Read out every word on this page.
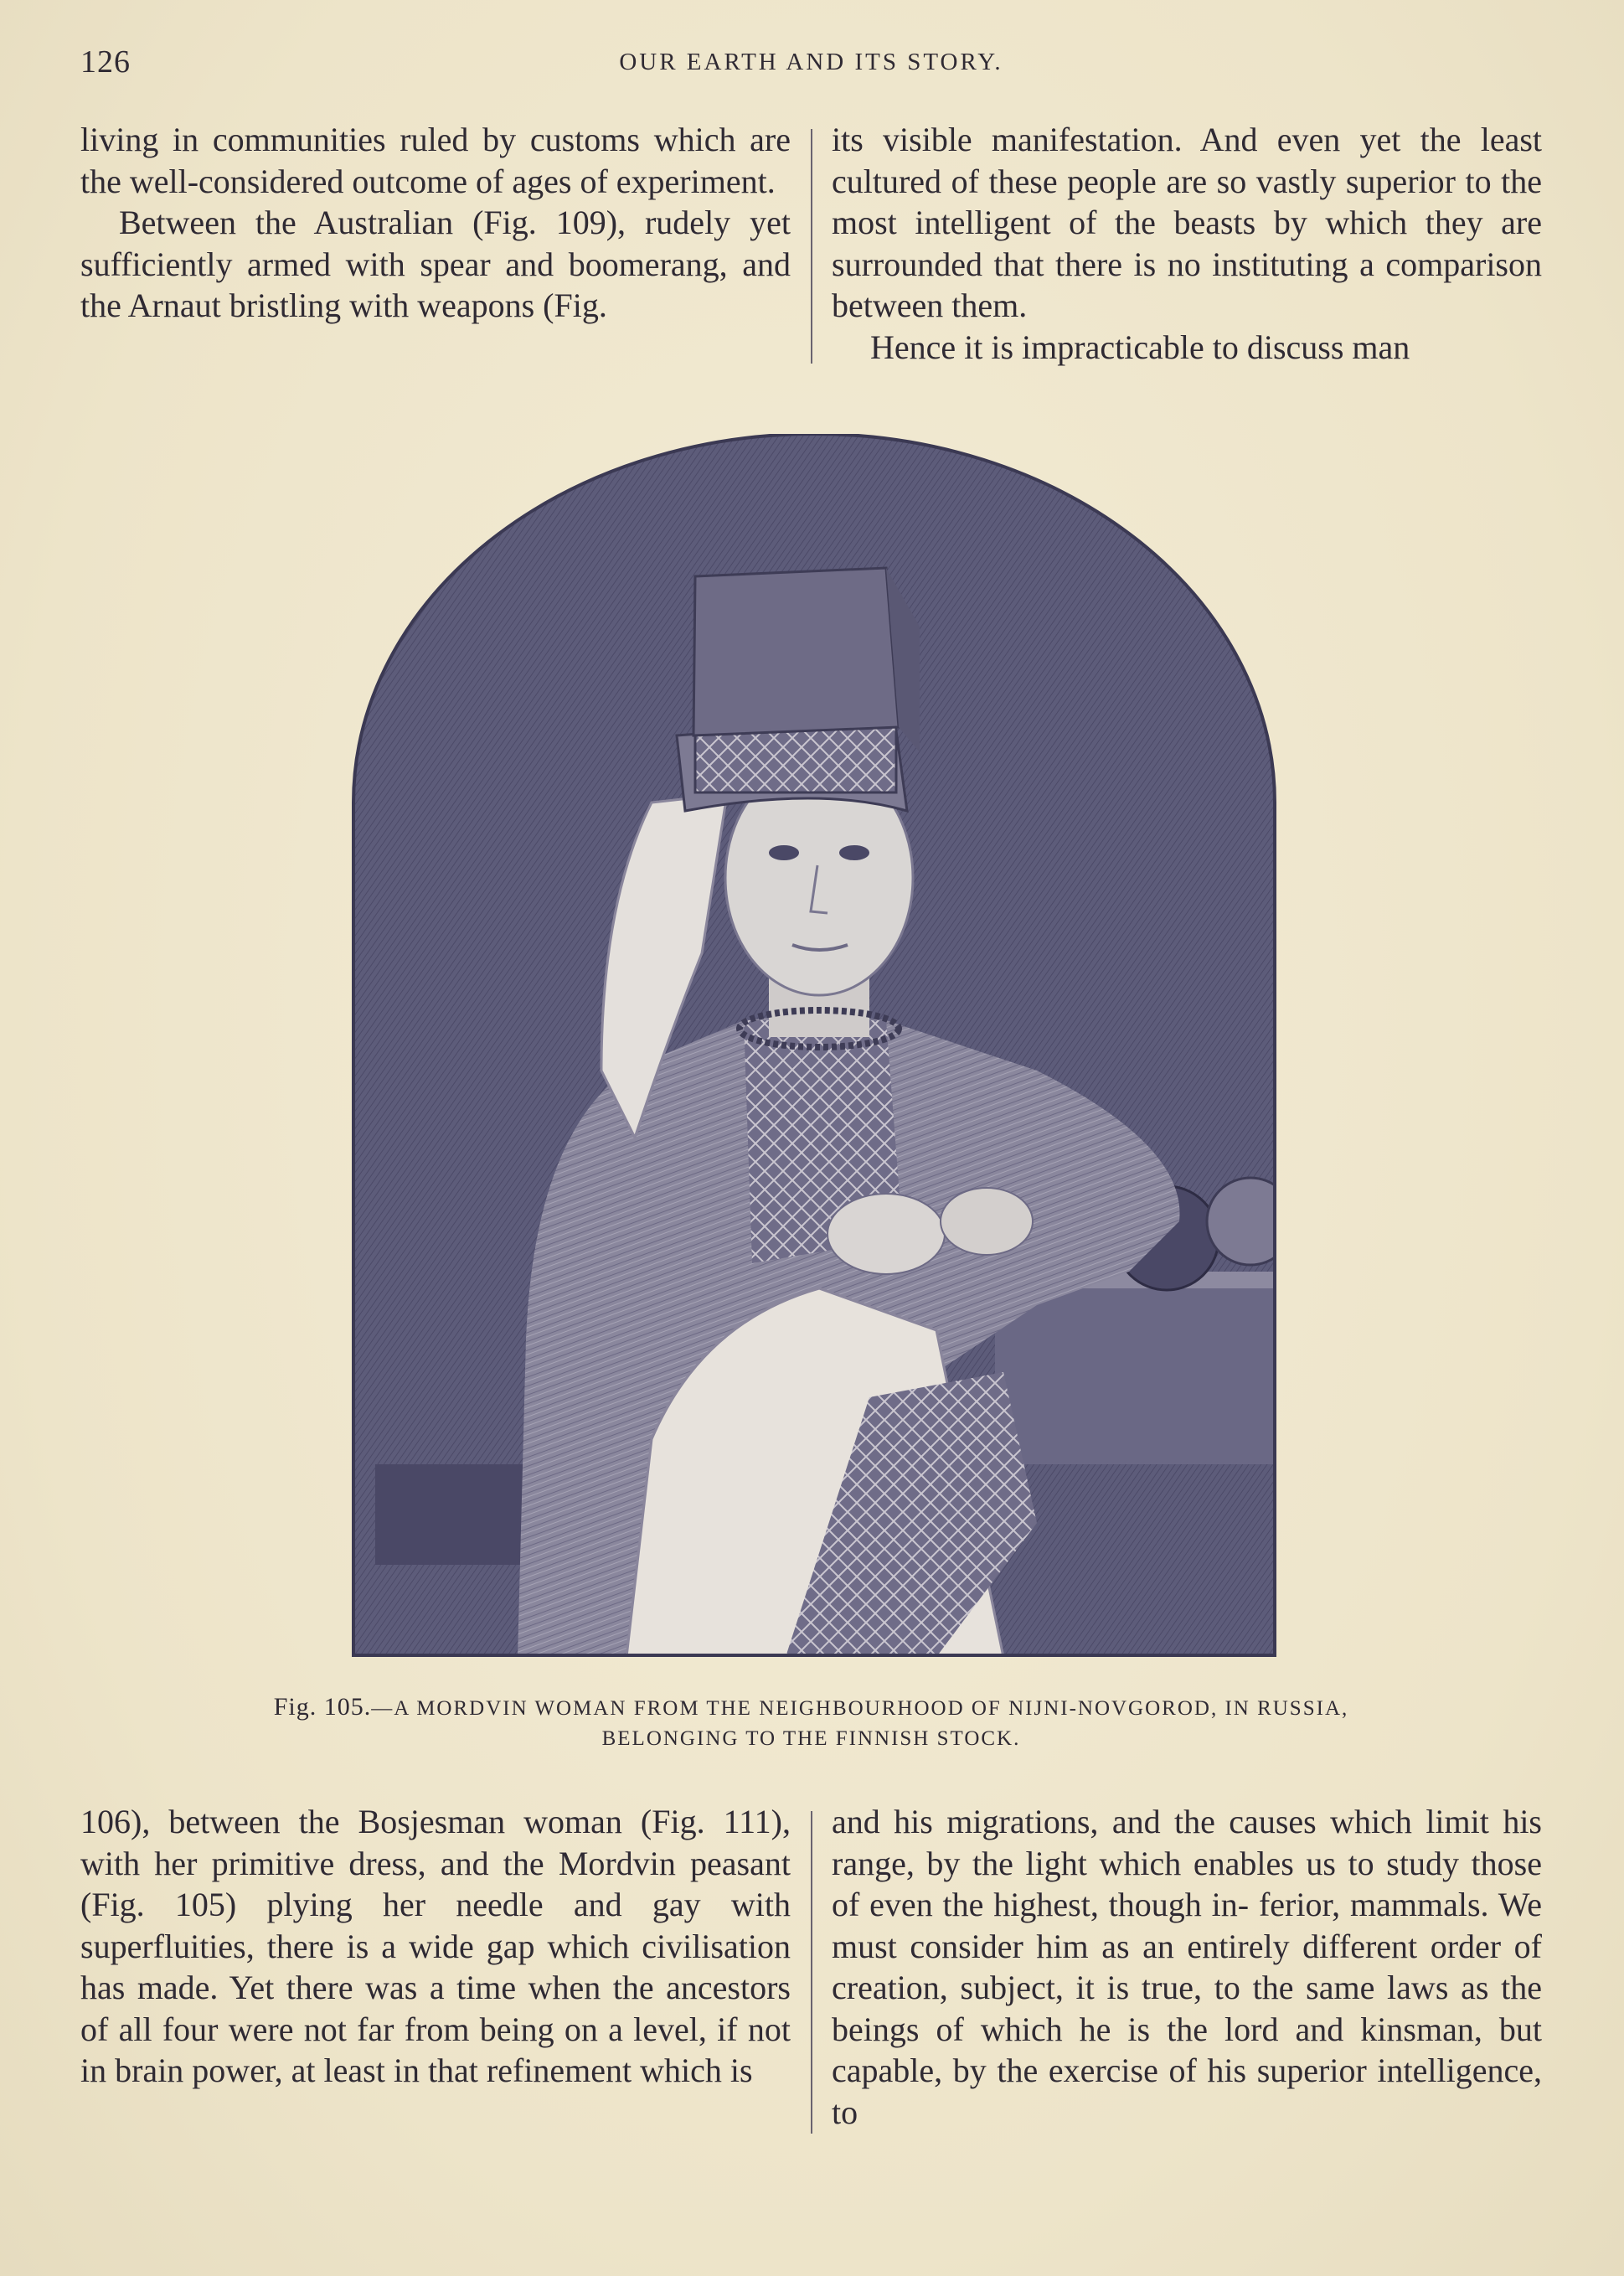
126	OUR EARTH AND ITS STORY.

living in communities ruled by customs which are the well-considered outcome of ages of experiment.

Between the Australian (Fig. 109), rudely yet sufficiently armed with spear and boomerang, and the Arnaut bristling with weapons (Fig.

its visible manifestation. And even yet the least cultured of these people are so vastly superior to the most intelligent of the beasts by which they are surrounded that there is no instituting a comparison between them.

Hence it is impracticable to discuss man

Fig. 105.—A MORDVIN WOMAN FROM THE NEIGHBOURHOOD OF NIJNI-NOVGOROD, IN RUSSIA,
BELONGING TO THE FINNISH STOCK.

106), between the Bosjesman woman (Fig. 111), with her primitive dress, and the Mordvin peasant (Fig. 105) plying her needle and gay with superfluities, there is a wide gap which civilisation has made. Yet there was a time when the ancestors of all four were not far from being on a level, if not in brain power, at least in that refinement which is

and his migrations, and the causes which limit his range, by the light which enables us to study those of even the highest, though in- ferior, mammals. We must consider him as an entirely different order of creation, subject, it is true, to the same laws as the beings of which he is the lord and kinsman, but capable, by the exercise of his superior intelligence, to
